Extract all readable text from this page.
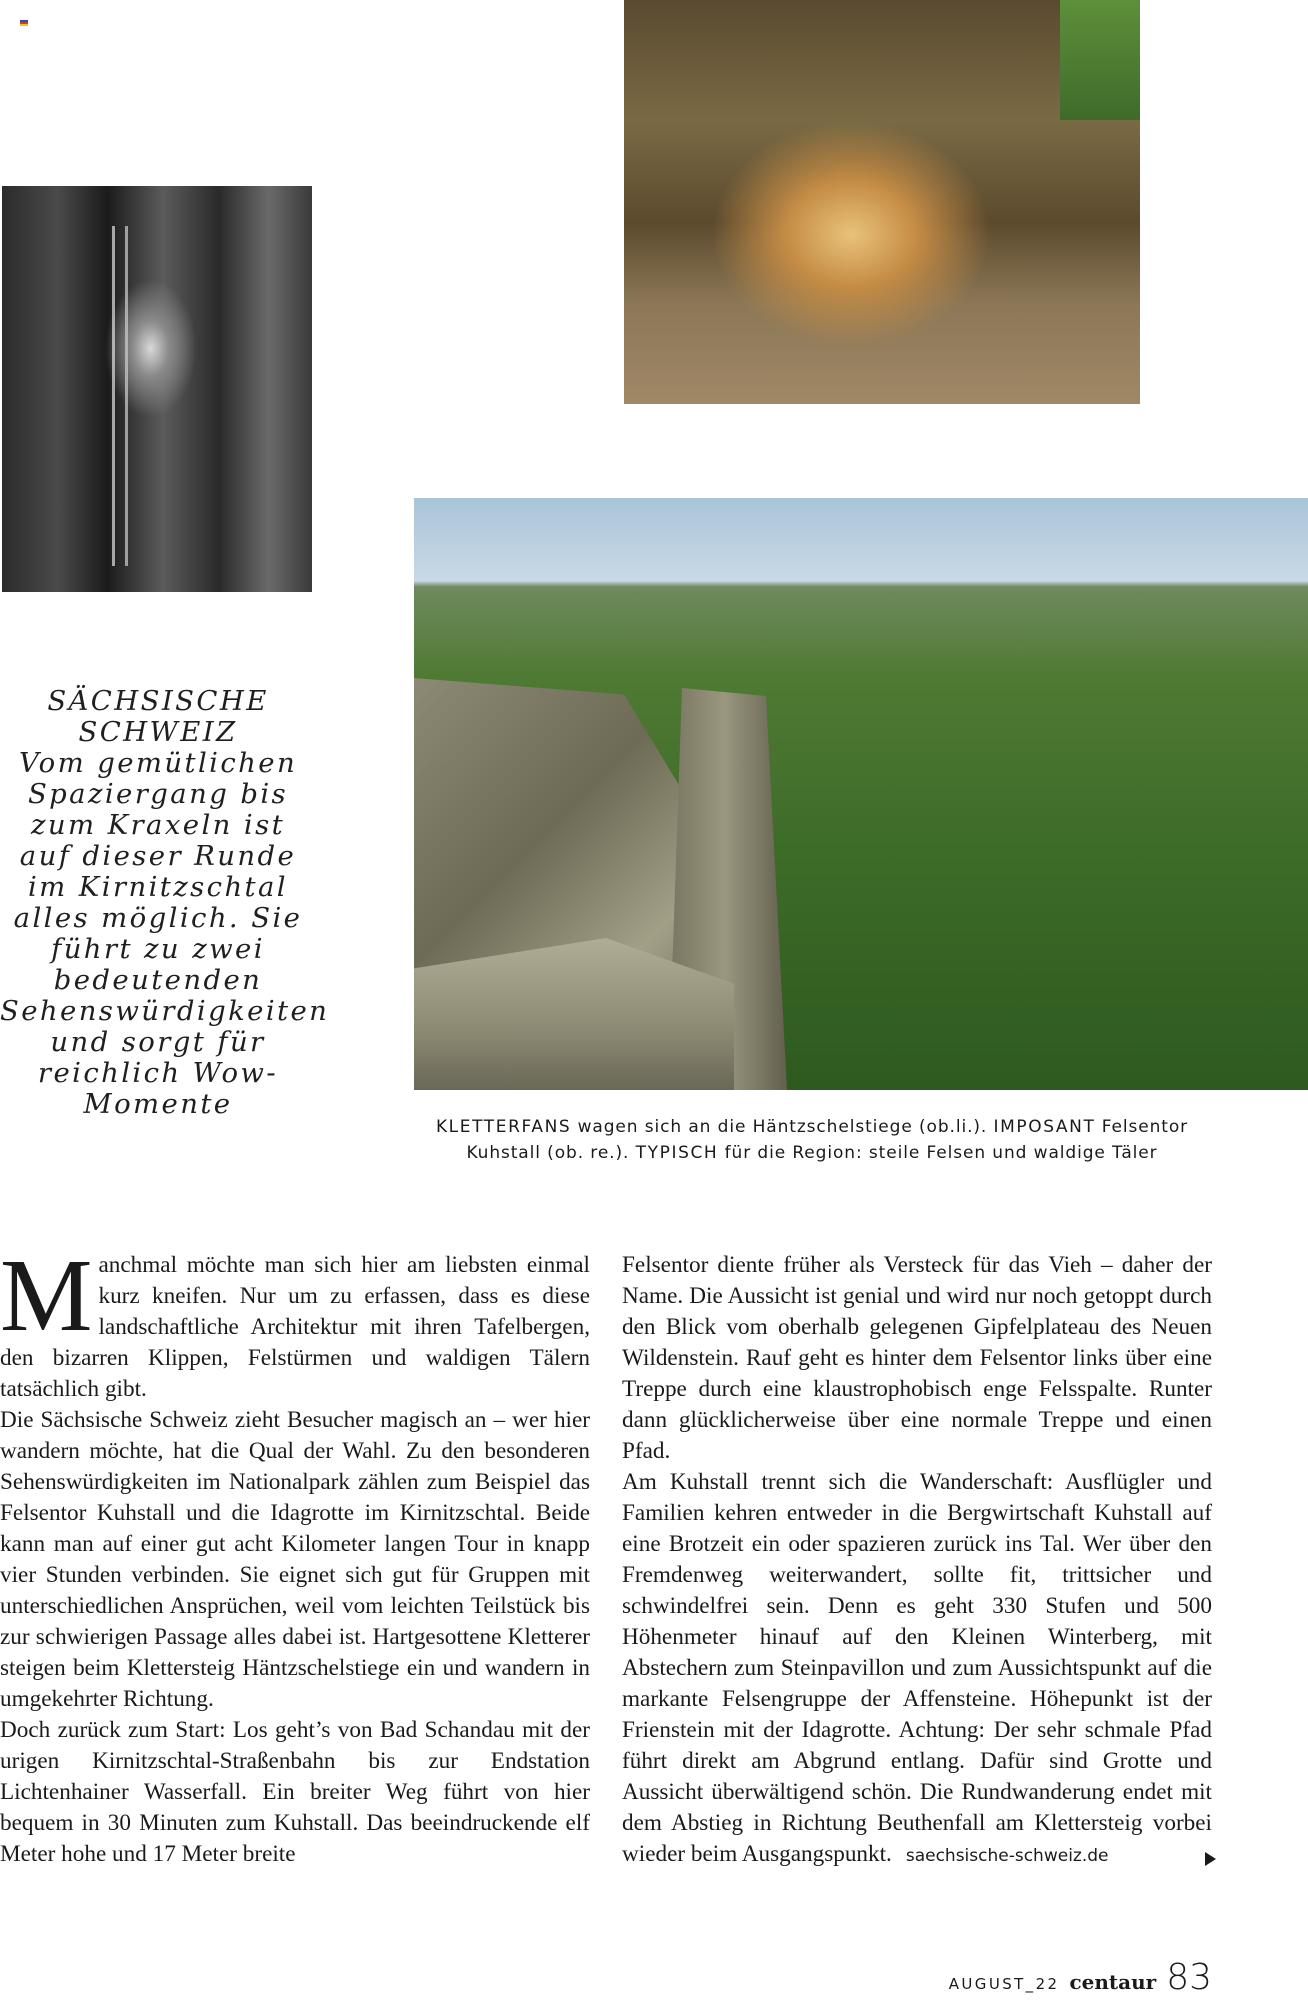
SÄCHSISCHE SCHWEIZ
Vom gemütlichen Spaziergang bis zum Kraxeln ist auf dieser Runde im Kirnitzschtal alles möglich. Sie führt zu zwei bedeutenden Sehenswürdigkeiten und sorgt für reichlich Wow-Momente
KLETTERFANS wagen sich an die Häntzschelstiege (ob.li.). IMPOSANT Felsentor Kuhstall (ob. re.). TYPISCH für die Region: steile Felsen und waldige Täler

Manchmal möchte man sich hier am liebsten einmal kurz kneifen. Nur um zu erfassen, dass es diese landschaftliche Architektur mit ihren Tafelbergen, den bizarren Klippen, Felstürmen und waldigen Tälern tatsächlich gibt.

Die Sächsische Schweiz zieht Besucher magisch an – wer hier wandern möchte, hat die Qual der Wahl. Zu den besonderen Sehenswürdigkeiten im Nationalpark zählen zum Beispiel das Felsentor Kuhstall und die Idagrotte im Kirnitzschtal. Beide kann man auf einer gut acht Kilometer langen Tour in knapp vier Stunden verbinden. Sie eignet sich gut für Gruppen mit unterschiedlichen Ansprüchen, weil vom leichten Teilstück bis zur schwierigen Passage alles dabei ist. Hartgesottene Kletterer steigen beim Klettersteig Häntzschelstiege ein und wandern in umgekehrter Richtung.

Doch zurück zum Start: Los geht’s von Bad Schandau mit der urigen Kirnitzschtal-Straßenbahn bis zur Endstation Lichtenhainer Wasserfall. Ein breiter Weg führt von hier bequem in 30 Minuten zum Kuhstall. Das beeindruckende elf Meter hohe und 17 Meter breite

Felsentor diente früher als Versteck für das Vieh – daher der Name. Die Aussicht ist genial und wird nur noch getoppt durch den Blick vom oberhalb gelegenen Gipfelplateau des Neuen Wildenstein. Rauf geht es hinter dem Felsentor links über eine Treppe durch eine klaustrophobisch enge Felsspalte. Runter dann glücklicherweise über eine normale Treppe und einen Pfad.

Am Kuhstall trennt sich die Wanderschaft: Ausflügler und Familien kehren entweder in die Bergwirtschaft Kuhstall auf eine Brotzeit ein oder spazieren zurück ins Tal. Wer über den Fremdenweg weiterwandert, sollte fit, trittsicher und schwindelfrei sein. Denn es geht 330 Stufen und 500 Höhenmeter hinauf auf den Kleinen Winterberg, mit Abstechern zum Steinpavillon und zum Aussichtspunkt auf die markante Felsengruppe der Affensteine. Höhepunkt ist der Frienstein mit der Idagrotte. Achtung: Der sehr schmale Pfad führt direkt am Abgrund entlang. Dafür sind Grotte und Aussicht überwältigend schön. Die Rundwanderung endet mit dem Abstieg in Richtung Beuthenfall am Klettersteig vorbei wieder beim Ausgangspunkt. saechsische-schweiz.de

AUGUST_22 centaur 83
